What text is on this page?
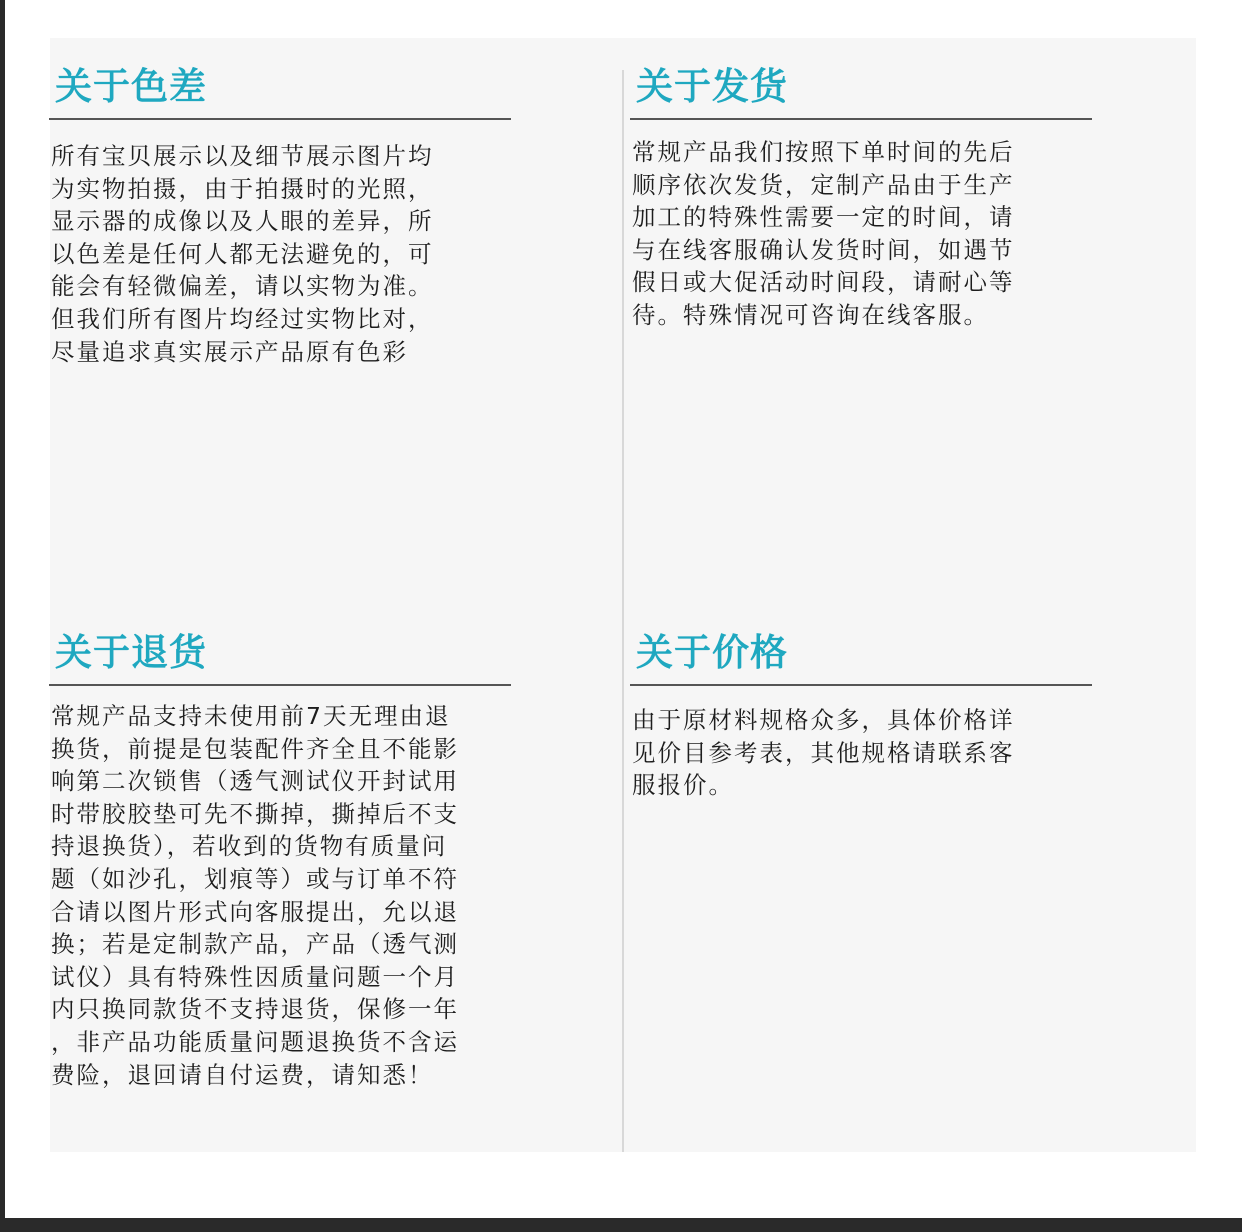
关于色差
所有宝贝展示以及细节展示图片均
为实物拍摄，由于拍摄时的光照，
显示器的成像以及人眼的差异，所
以色差是任何人都无法避免的，可
能会有轻微偏差，请以实物为准。
但我们所有图片均经过实物比对，
尽量追求真实展示产品原有色彩
关于发货
常规产品我们按照下单时间的先后
顺序依次发货，定制产品由于生产
加工的特殊性需要一定的时间，请
与在线客服确认发货时间，如遇节
假日或大促活动时间段，请耐心等
待。特殊情况可咨询在线客服。
关于退货
常规产品支持未使用前7天无理由退
换货，前提是包装配件齐全且不能影
响第二次锁售（透气测试仪开封试用
时带胶胶垫可先不撕掉，撕掉后不支
持退换货），若收到的货物有质量问
题（如沙孔，划痕等）或与订单不符
合请以图片形式向客服提出，允以退
换；若是定制款产品，产品（透气测
试仪）具有特殊性因质量问题一个月
内只换同款货不支持退货，保修一年
，非产品功能质量问题退换货不含运
费险，退回请自付运费，请知悉！
关于价格
由于原材料规格众多，具体价格详
见价目参考表，其他规格请联系客
服报价。
